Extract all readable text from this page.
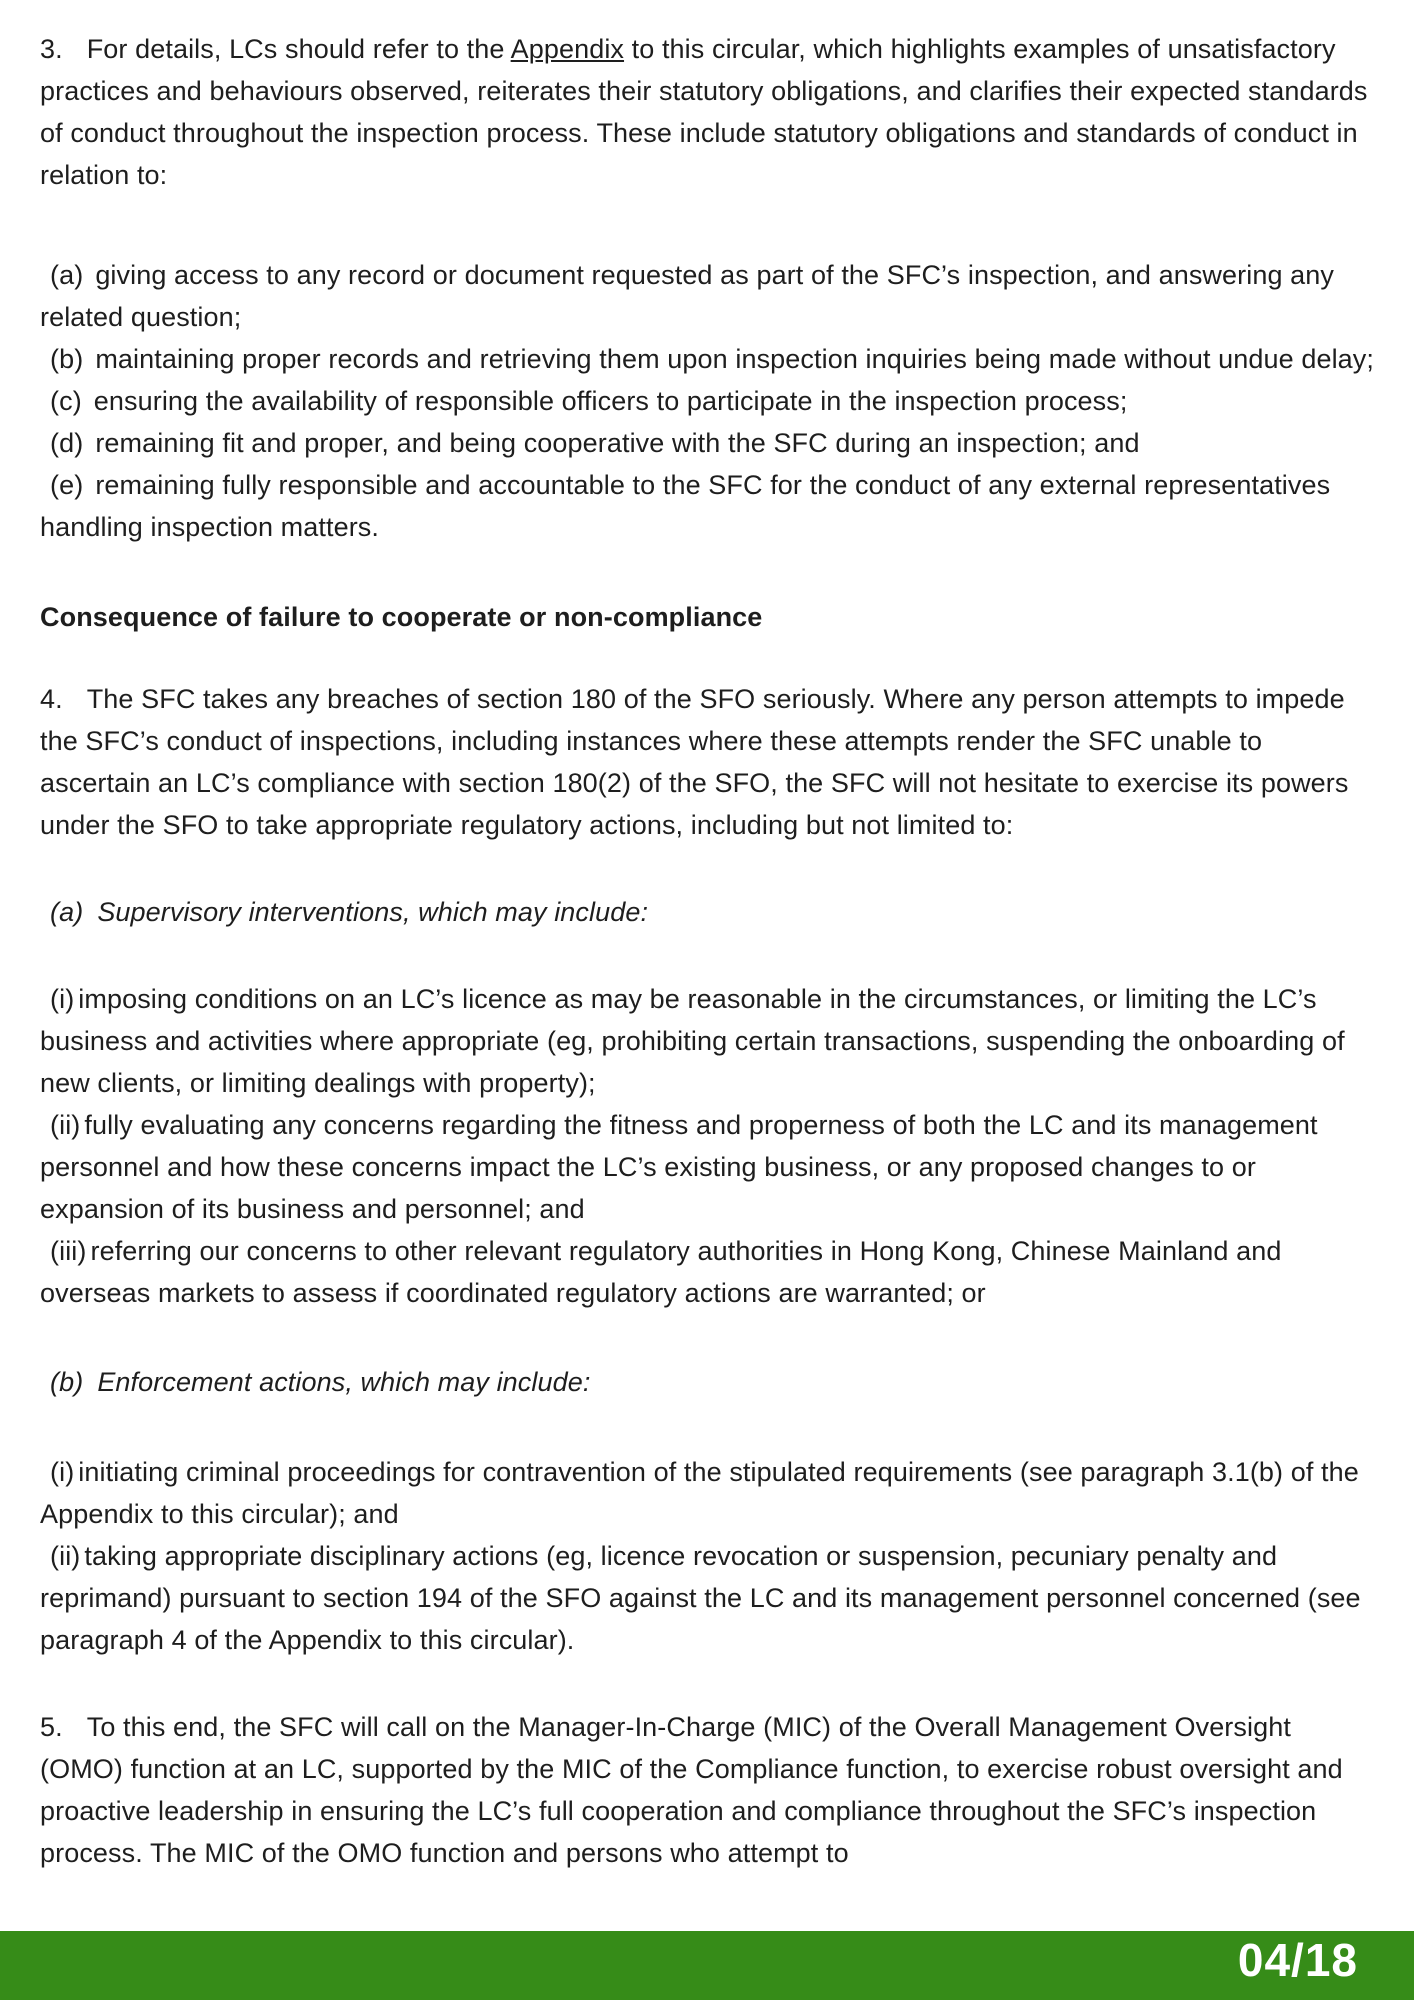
3. For details, LCs should refer to the Appendix to this circular, which highlights examples of unsatisfactory practices and behaviours observed, reiterates their statutory obligations, and clarifies their expected standards of conduct throughout the inspection process. These include statutory obligations and standards of conduct in relation to:

(a) giving access to any record or document requested as part of the SFC’s inspection, and answering any related question;

(b) maintaining proper records and retrieving them upon inspection inquiries being made without undue delay;

(c) ensuring the availability of responsible officers to participate in the inspection process;

(d) remaining fit and proper, and being cooperative with the SFC during an inspection; and

(e) remaining fully responsible and accountable to the SFC for the conduct of any external representatives handling inspection matters.

Consequence of failure to cooperate or non-compliance

4. The SFC takes any breaches of section 180 of the SFO seriously. Where any person attempts to impede the SFC’s conduct of inspections, including instances where these attempts render the SFC unable to ascertain an LC’s compliance with section 180(2) of the SFO, the SFC will not hesitate to exercise its powers under the SFO to take appropriate regulatory actions, including but not limited to:

(a) Supervisory interventions, which may include:

(i) imposing conditions on an LC’s licence as may be reasonable in the circumstances, or limiting the LC’s business and activities where appropriate (eg, prohibiting certain transactions, suspending the onboarding of new clients, or limiting dealings with property);

(ii) fully evaluating any concerns regarding the fitness and properness of both the LC and its management personnel and how these concerns impact the LC’s existing business, or any proposed changes to or expansion of its business and personnel; and

(iii) referring our concerns to other relevant regulatory authorities in Hong Kong, Chinese Mainland and overseas markets to assess if coordinated regulatory actions are warranted; or

(b) Enforcement actions, which may include:

(i) initiating criminal proceedings for contravention of the stipulated requirements (see paragraph 3.1(b) of the Appendix to this circular); and

(ii) taking appropriate disciplinary actions (eg, licence revocation or suspension, pecuniary penalty and reprimand) pursuant to section 194 of the SFO against the LC and its management personnel concerned (see paragraph 4 of the Appendix to this circular).

5. To this end, the SFC will call on the Manager-In-Charge (MIC) of the Overall Management Oversight (OMO) function at an LC, supported by the MIC of the Compliance function, to exercise robust oversight and proactive leadership in ensuring the LC’s full cooperation and compliance throughout the SFC’s inspection process. The MIC of the OMO function and persons who attempt to

04/18
